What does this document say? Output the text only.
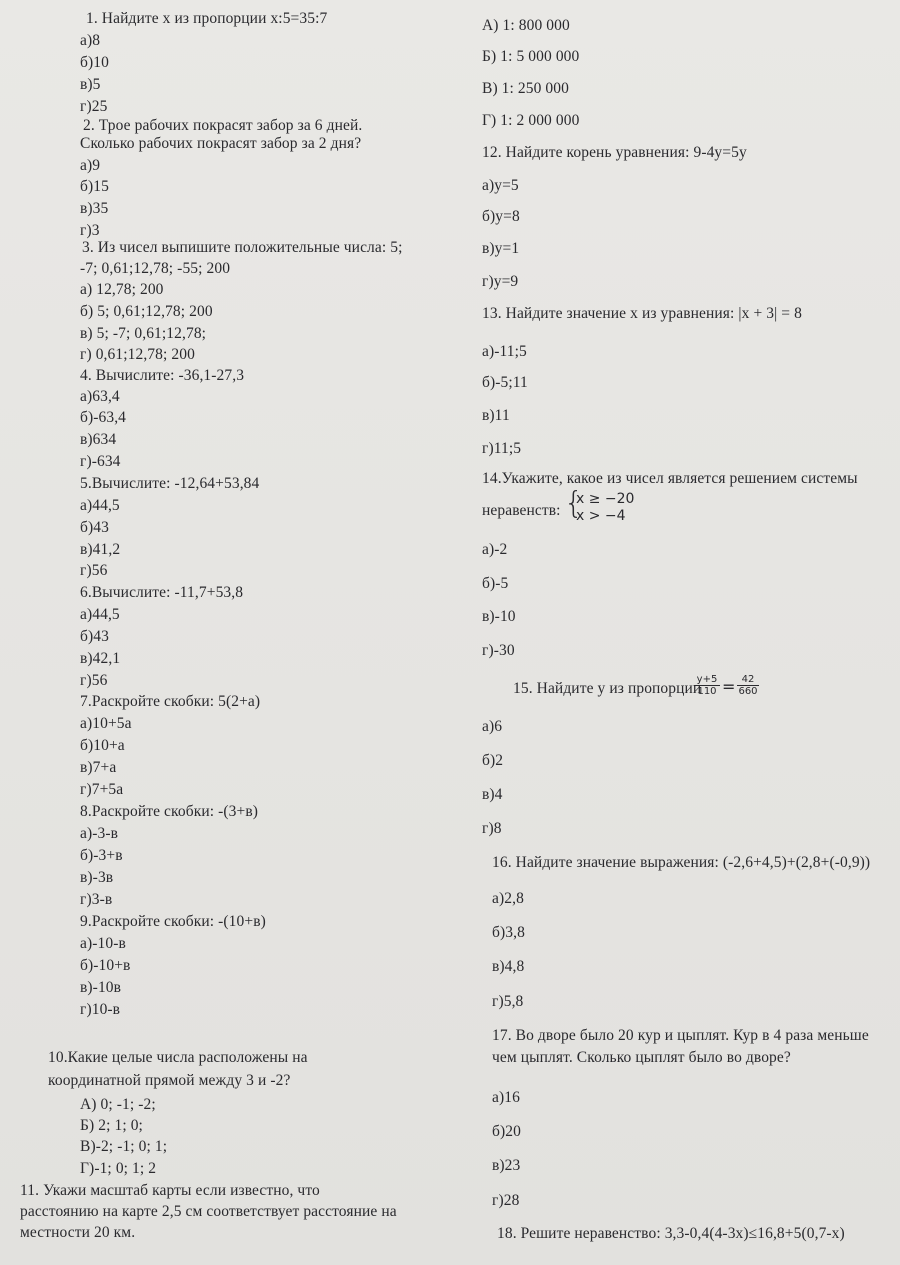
1. Найдите х из пропорции х:5=35:7
а)8
б)10
в)5
г)25
2. Трое рабочих покрасят забор за 6 дней.
Сколько рабочих покрасят забор за 2 дня?
а)9
б)15
в)35
г)3
3. Из чисел выпишите положительные числа: 5;
-7; 0,61;12,78; -55; 200
а) 12,78; 200
б) 5; 0,61;12,78; 200
в) 5; -7; 0,61;12,78;
г) 0,61;12,78; 200
4. Вычислите: -36,1-27,3
а)63,4
б)-63,4
в)634
г)-634
5.Вычислите: -12,64+53,84
а)44,5
б)43
в)41,2
г)56
6.Вычислите: -11,7+53,8
а)44,5
б)43
в)42,1
г)56
7.Раскройте скобки: 5(2+а)
а)10+5а
б)10+а
в)7+а
г)7+5а
8.Раскройте скобки: -(3+в)
а)-3-в
б)-3+в
в)-3в
г)3-в
9.Раскройте скобки: -(10+в)
а)-10-в
б)-10+в
в)-10в
г)10-в
10.Какие целые числа расположены на
координатной прямой между 3 и -2?
А) 0; -1; -2;
Б) 2; 1; 0;
В)-2; -1; 0; 1;
Г)-1; 0; 1; 2
11. Укажи масштаб карты если известно, что
расстоянию на карте 2,5 см соответствует расстояние на
местности 20 км.
А) 1: 800 000
Б) 1: 5 000 000
В) 1: 250 000
Г) 1: 2 000 000
12. Найдите корень уравнения: 9-4у=5у
а)у=5
б)у=8
в)у=1
г)у=9
13. Найдите значение х из уравнения: |x + 3| = 8
а)-11;5
б)-5;11
в)11
г)11;5
14.Укажите, какое из чисел является решением системы
неравенств:
а)-2
б)-5
в)-10
г)-30
15. Найдите у из пропорции
а)6
б)2
в)4
г)8
16. Найдите значение выражения: (-2,6+4,5)+(2,8+(-0,9))
а)2,8
б)3,8
в)4,8
г)5,8
17. Во дворе было 20 кур и цыплят. Кур в 4 раза меньше
чем цыплят. Сколько цыплят было во дворе?
а)16
б)20
в)23
г)28
18. Решите неравенство: 3,3-0,4(4-3х)≤16,8+5(0,7-х)
{
x ≥ −20
x > −4
$\frac{y+5}{110} = \frac{42}{660}$
